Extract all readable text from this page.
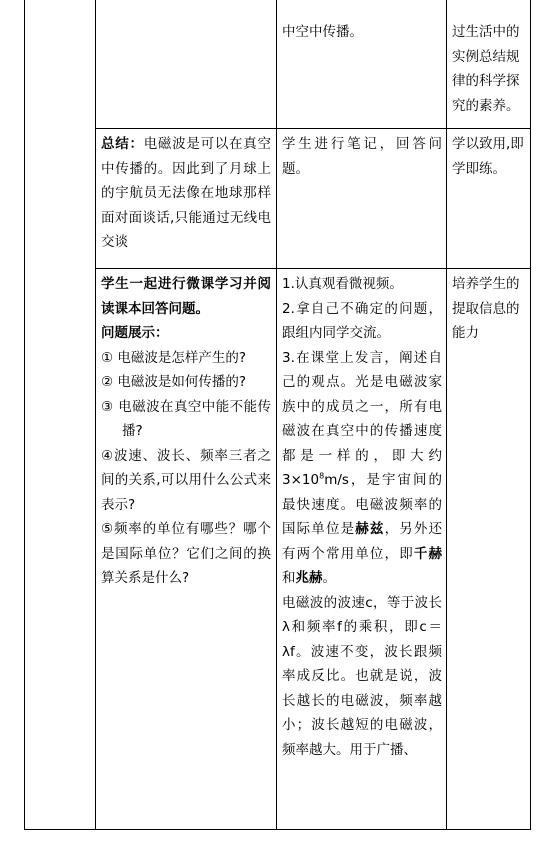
中空中传播。	过生活中的

实例总结规

律的科学探

究的素养。

总结：电磁波是可以在真空中传播的。因此到了月球上的宇航员无法像在地球那样面对面谈话,只能通过无线电交谈

学生进行笔记，回答问题。

学以致用,即学即练。

学生一起进行微课学习并阅读课本回答问题。

问题展示：

① 电磁波是怎样产生的?

② 电磁波是如何传播的?

③ 电磁波在真空中能不能传播?

④波速、波长、频率三者之间的关系,可以用什么公式来表示?

⑤频率的单位有哪些？哪个是国际单位？它们之间的换算关系是什么?

1.认真观看微视频。

2.拿自己不确定的问题，跟组内同学交流。

3.在课堂上发言，阐述自己的观点。光是电磁波家族中的成员之一，所有电磁波在真空中的传播速度都是一样的，即大约$3\times 10^8m/s$，是宇宙间的最快速度。电磁波频率的国际单位是赫兹，另外还有两个常用单位，即千赫和兆赫。

电磁波的波速c，等于波长λ和频率f的乘积，即c＝λf。波速不变，波长跟频率成反比。也就是说，波长越长的电磁波，频率越小；波长越短的电磁波，频率越大。用于广播、

培养学生的提取信息的能力
